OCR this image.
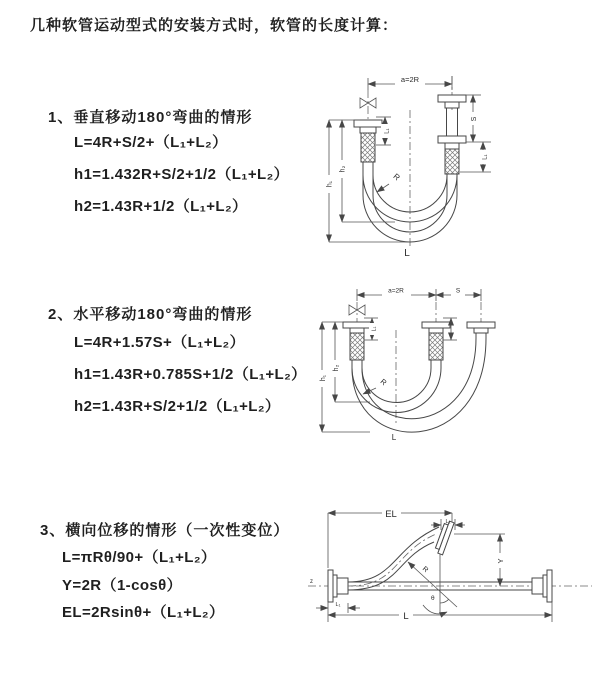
几种软管运动型式的安装方式时，软管的长度计算：
1、垂直移动180°弯曲的情形
L=4R+S/2+（L₁+L₂）
h1=1.432R+S/2+1/2（L₁+L₂）
h2=1.43R+1/2（L₁+L₂）
2、水平移动180°弯曲的情形
L=4R+1.57S+（L₁+L₂）
h1=1.43R+0.785S+1/2（L₁+L₂）
h2=1.43R+S/2+1/2（L₁+L₂）
3、横向位移的情形（一次性变位）
L=πRθ/90+（L₁+L₂）
Y=2R（1-cosθ）
EL=2Rsinθ+（L₁+L₂）
a=2R
h₁
h₂
L₁
S
L₁
R
L
a=2R	S
L₁
h₁
h₂
R
L
z
R
θ
EL
L₁
Y
L
L₁
